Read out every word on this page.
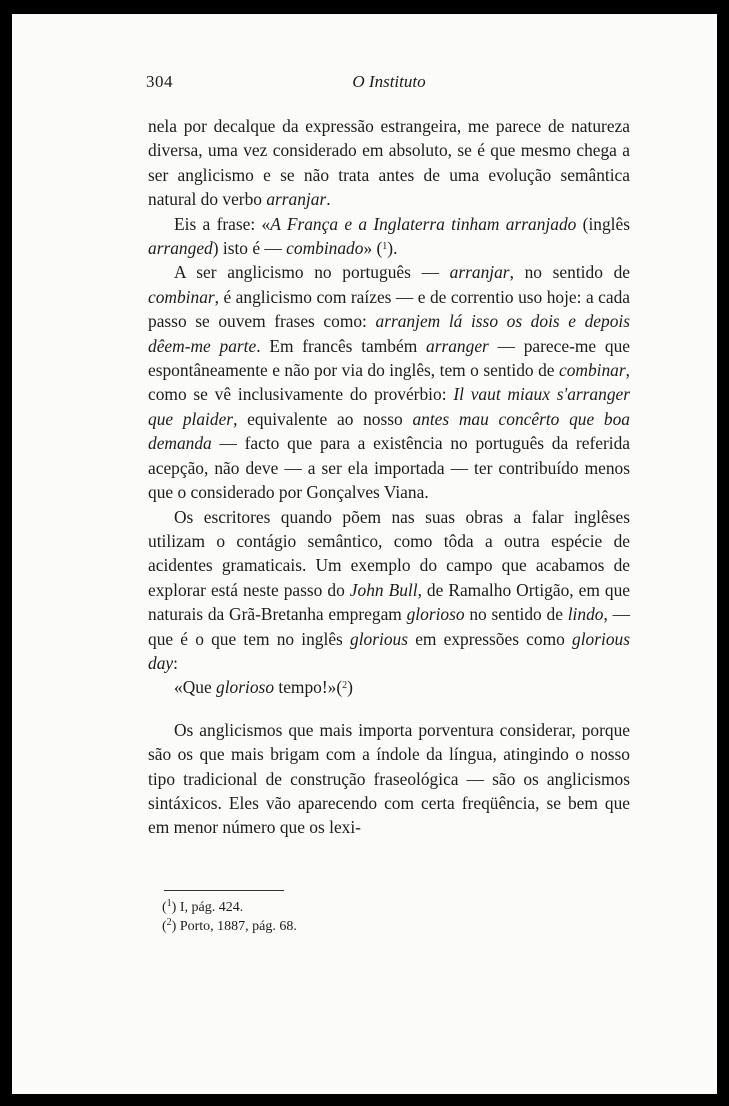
304	O Instituto

nela por decalque da expressão estrangeira, me parece de natureza diversa, uma vez considerado em absoluto, se é que mesmo chega a ser anglicismo e se não trata antes de uma evolução semântica natural do verbo arranjar.

Eis a frase: «A França e a Inglaterra tinham arranjado (inglês arranged) isto é — combinado» ($^1$).

A ser anglicismo no português — arranjar, no sentido de combinar, é anglicismo com raízes — e de correntio uso hoje: a cada passo se ouvem frases como: arranjem lá isso os dois e depois dêem-me parte. Em francês também arranger — parece-me que espontâneamente e não por via do inglês, tem o sentido de combinar, como se vê inclusivamente do provérbio: Il vaut miaux s'arranger que plaider, equivalente ao nosso antes mau concêrto que boa demanda — facto que para a existência no português da referida acepção, não deve — a ser ela importada — ter contribuído menos que o considerado por Gonçalves Viana.

Os escritores quando põem nas suas obras a falar inglêses utilizam o contágio semântico, como tôda a outra espécie de acidentes gramaticais. Um exemplo do campo que acabamos de explorar está neste passo do John Bull, de Ramalho Ortigão, em que naturais da Grã-Bretanha empregam glorioso no sentido de lindo, — que é o que tem no inglês glorious em expressões como glorious day:

«Que glorioso tempo!»($^2$)

Os anglicismos que mais importa porventura considerar, porque são os que mais brigam com a índole da língua, atingindo o nosso tipo tradicional de construção fraseológica — são os anglicismos sintáxicos. Eles vão aparecendo com certa freqüência, se bem que em menor número que os lexi-

($^1$) I, pág. 424.

($^2$) Porto, 1887, pág. 68.
